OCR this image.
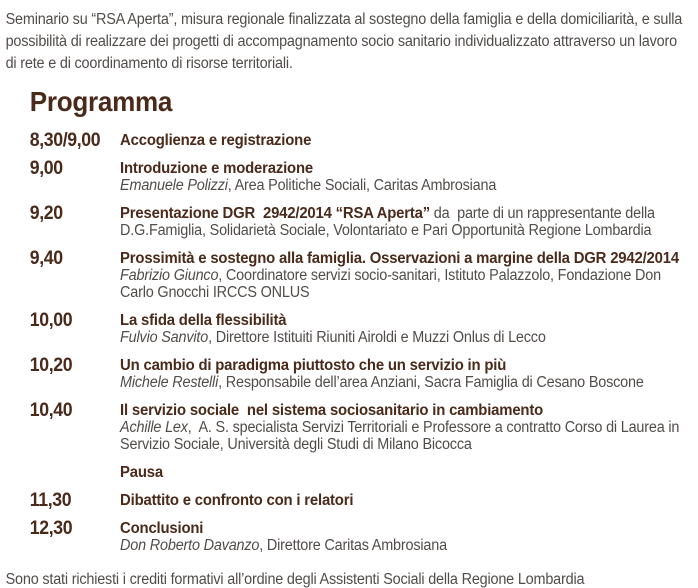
Seminario su “RSA Aperta”, misura regionale finalizzata al sostegno della famiglia e della domiciliarità, e sulla possibilità di realizzare dei progetti di accompagnamento socio sanitario individualizzato attraverso un lavoro di rete e di coordinamento di risorse territoriali.

Programma
8,30/9,00	Accoglienza e registrazione
9,00	Introduzione e moderazione
Emanuele Polizzi, Area Politiche Sociali, Caritas Ambrosiana
9,20	Presentazione DGR  2942/2014 “RSA Aperta” da  parte di un rappresentante della D.G.Famiglia, Solidarietà Sociale, Volontariato e Pari Opportunità Regione Lombardia
9,40	Prossimità e sostegno alla famiglia. Osservazioni a margine della DGR 2942/2014
Fabrizio Giunco, Coordinatore servizi socio-sanitari, Istituto Palazzolo, Fondazione Don Carlo Gnocchi IRCCS ONLUS
10,00	La sfida della flessibilità
Fulvio Sanvito, Direttore Istituiti Riuniti Airoldi e Muzzi Onlus di Lecco
10,20	Un cambio di paradigma piuttosto che un servizio in più
Michele Restelli, Responsabile dell’area Anziani, Sacra Famiglia di Cesano Boscone
10,40	Il servizio sociale  nel sistema sociosanitario in cambiamento
Achille Lex,  A. S. specialista Servizi Territoriali e Professore a contratto Corso di Laurea in Servizio Sociale, Università degli Studi di Milano Bicocca
Pausa
11,30	Dibattito e confronto con i relatori
12,30	Conclusioni
Don Roberto Davanzo, Direttore Caritas Ambrosiana

Sono stati richiesti i crediti formativi all’ordine degli Assistenti Sociali della Regione Lombardia
